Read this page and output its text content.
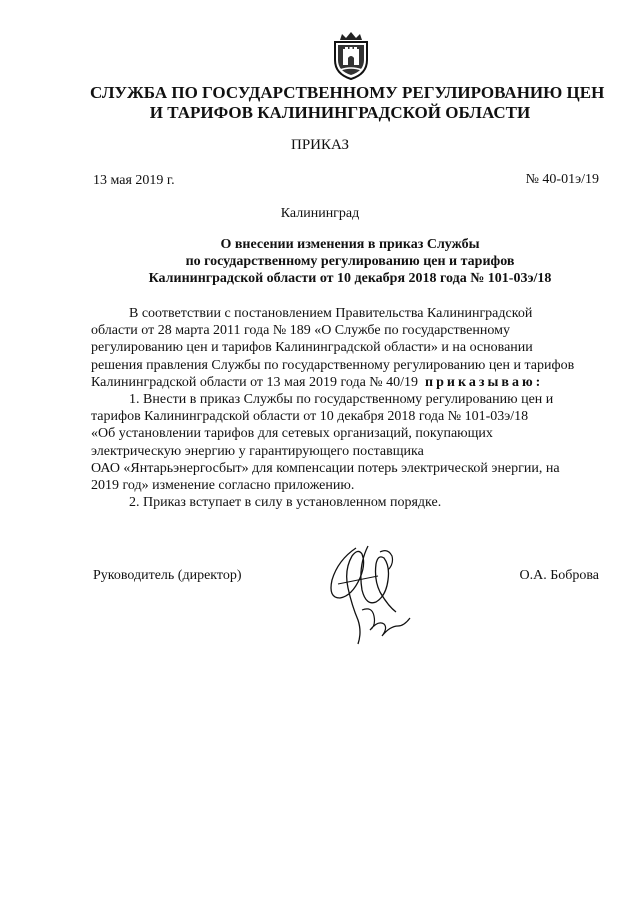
СЛУЖБА ПО ГОСУДАРСТВЕННОМУ РЕГУЛИРОВАНИЮ ЦЕН
И ТАРИФОВ КАЛИНИНГРАДСКОЙ ОБЛАСТИ
ПРИКАЗ
13 мая 2019 г.	№ 40-01э/19
Калининград
О внесении изменения в приказ Службы
по государственному регулированию цен и тарифов
Калининградской области от 10 декабря 2018 года № 101-03э/18

В соответствии с постановлением Правительства Калининградской

области от 28 марта 2011 года № 189 «О Службе по государственному

регулированию цен и тарифов Калининградской области» и на основании

решения правления Службы по государственному регулированию цен и тарифов

Калининградской области от 13 мая 2019 года № 40/19 приказываю:

1. Внести в приказ Службы по государственному регулированию цен и

тарифов Калининградской области от 10 декабря 2018 года № 101-03э/18

«Об установлении тарифов для сетевых организаций, покупающих

электрическую энергию у гарантирующего поставщика

ОАО «Янтарьэнергосбыт» для компенсации потерь электрической энергии, на

2019 год» изменение согласно приложению.

2. Приказ вступает в силу в установленном порядке.

Руководитель (директор)	О.А. Боброва
